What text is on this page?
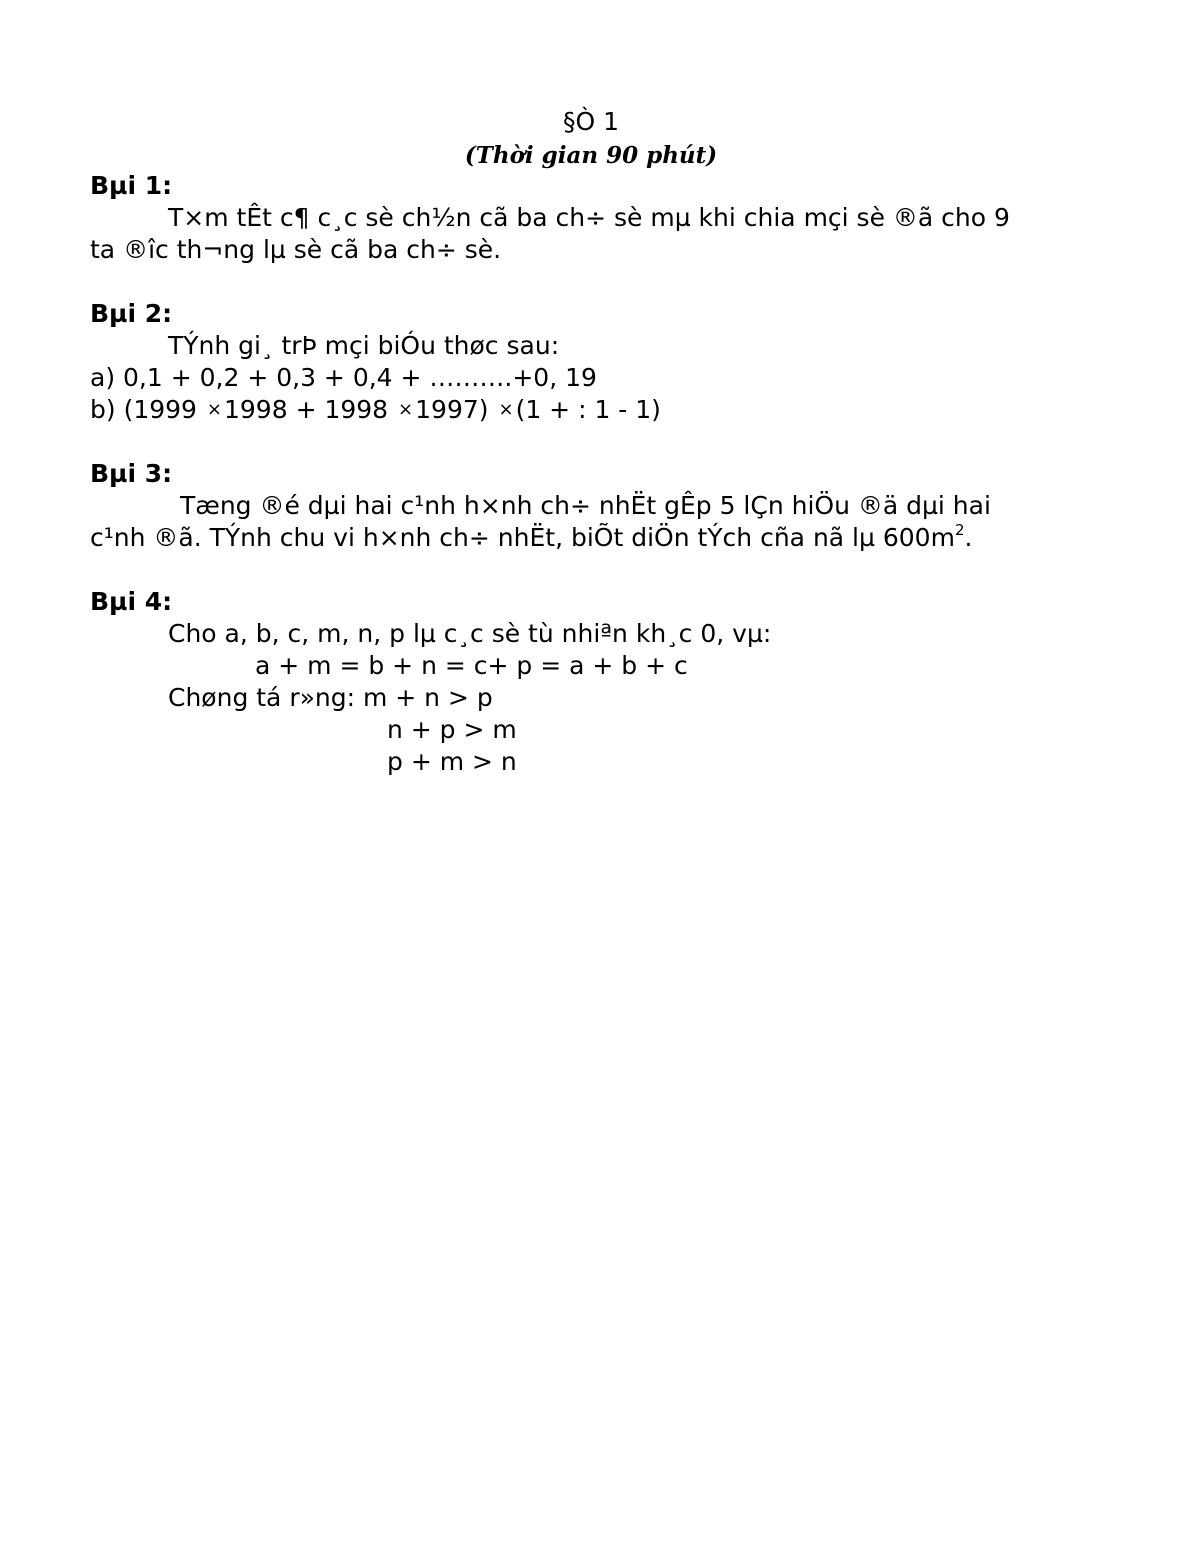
§Ò 1
(Thời gian 90 phút)
Bµi 1:
T×m tÊt c¶ c¸c sè ch½n cã ba ch÷ sè mµ khi chia mçi sè ®ã cho 9
ta ®îc th¬ng lµ sè cã ba ch÷ sè.
Bµi 2:
TÝnh gi¸ trÞ mçi biÓu thøc sau:
a) 0,1 + 0,2 + 0,3 + 0,4 + ……….+0, 19
b) (1999 ×1998 + 1998 ×1997) ×(1 + : 1 - 1)
Bµi 3:
Tæng ®é dµi hai c¹nh h×nh ch÷ nhËt gÊp 5 lÇn hiÖu ®ä dµi hai
c¹nh ®ã. TÝnh chu vi h×nh ch÷ nhËt, biÕt diÖn tÝch cña nã lµ $600m^2$.
Bµi 4:
Cho a, b, c, m, n, p lµ c¸c sè tù nhiªn kh¸c 0, vµ:
a + m = b + n = c+ p = a + b + c
Chøng tá r»ng: m + n > p
n + p > m
p + m > n
